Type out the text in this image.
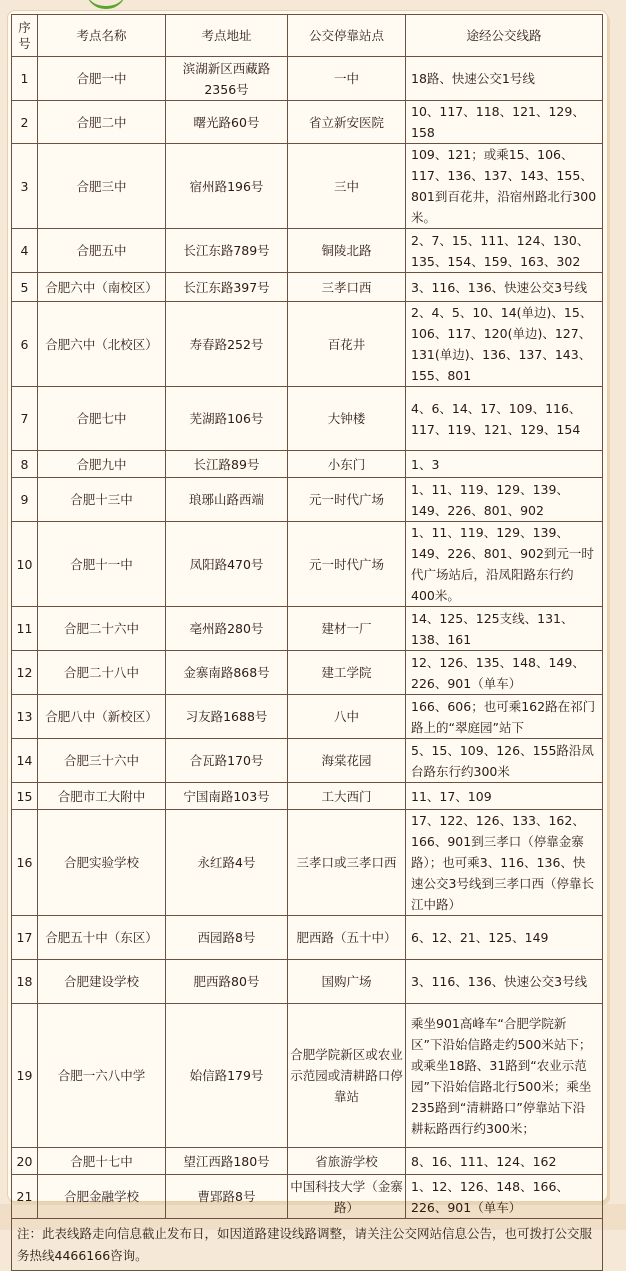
序号	考点名称	考点地址	公交停靠站点	途经公交线路
1	合肥一中	滨湖新区西藏路2356号	一中	18路、快速公交1号线
2	合肥二中	曙光路60号	省立新安医院	10、117、118、121、129、158
3	合肥三中	宿州路196号	三中	109、121；或乘15、106、117、136、137、143、155、801到百花井，沿宿州路北行300米。
4	合肥五中	长江东路789号	铜陵北路	2、7、15、111、124、130、135、154、159、163、302
5	合肥六中（南校区）	长江东路397号	三孝口西	3、116、136、快速公交3号线
6	合肥六中（北校区）	寿春路252号	百花井	2、4、5、10、14(单边)、15、106、117、120(单边)、127、131(单边)、136、137、143、155、801
7	合肥七中	芜湖路106号	大钟楼	4、6、14、17、109、116、117、119、121、129、154
8	合肥九中	长江路89号	小东门	1、3
9	合肥十三中	琅琊山路西端	元一时代广场	1、11、119、129、139、149、226、801、902
10	合肥十一中	凤阳路470号	元一时代广场	1、11、119、129、139、149、226、801、902到元一时代广场站后，沿凤阳路东行约400米。
11	合肥二十六中	亳州路280号	建材一厂	14、125、125支线、131、138、161
12	合肥二十八中	金寨南路868号	建工学院	12、126、135、148、149、226、901（单车）
13	合肥八中（新校区）	习友路1688号	八中	166、606；也可乘162路在祁门路上的“翠庭园”站下
14	合肥三十六中	合瓦路170号	海棠花园	5、15、109、126、155路沿凤台路东行约300米
15	合肥市工大附中	宁国南路103号	工大西门	11、17、109
16	合肥实验学校	永红路4号	三孝口或三孝口西	17、122、126、133、162、166、901到三孝口（停靠金寨路）；也可乘3、116、136、快速公交3号线到三孝口西（停靠长江中路）
17	合肥五十中（东区）	西园路8号	肥西路（五十中）	6、12、21、125、149
18	合肥建设学校	肥西路80号	国购广场	3、116、136、快速公交3号线
19	合肥一六八中学	始信路179号	合肥学院新区或农业示范园或清耕路口停靠站	乘坐901高峰车“合肥学院新区”下沿始信路走约500米站下；或乘坐18路、31路到“农业示范园”下沿始信路北行500米；乘坐235路到“清耕路口”停靠站下沿耕耘路西行约300米；
20	合肥十七中	望江西路180号	省旅游学校	8、16、111、124、162
21	合肥金融学校	曹郢路8号	中国科技大学（金寨路）	1、12、126、148、166、226、901（单车）
注：此表线路走向信息截止发布日，如因道路建设线路调整，请关注公交网站信息公告，也可拨打公交服务热线4466166咨询。				
